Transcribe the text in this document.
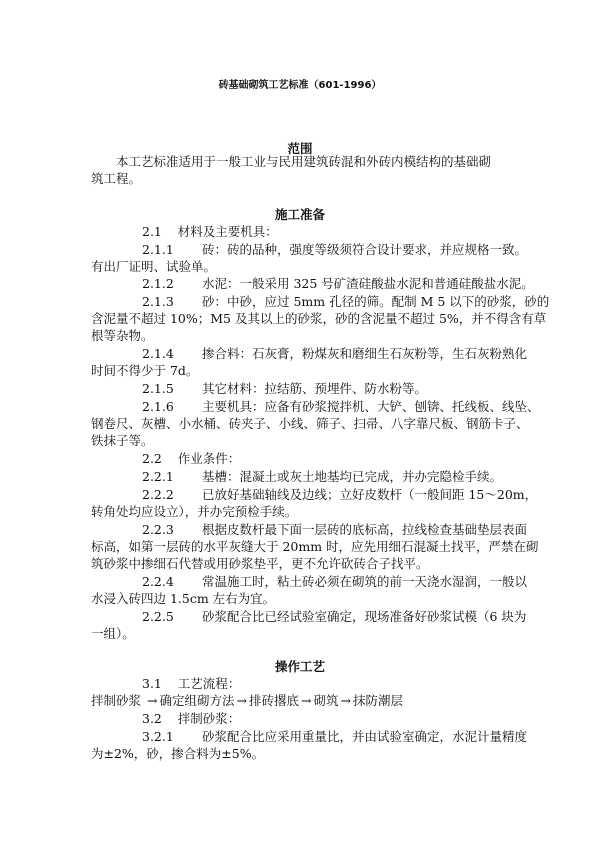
砖基础砌筑工艺标准（601-1996）
范围
本工艺标准适用于一般工业与民用建筑砖混和外砖内模结构的基础砌
筑工程。
施工准备
2.1 材料及主要机具：
2.1.1 砖：砖的品种，强度等级须符合设计要求，并应规格一致。
有出厂证明、试验单。
2.1.2 水泥：一般采用 325 号矿渣硅酸盐水泥和普通硅酸盐水泥。
2.1.3 砂：中砂，应过 5mm 孔径的筛。配制 M 5 以下的砂浆，砂的
含泥量不超过 10%；M5 及其以上的砂浆，砂的含泥量不超过 5%，并不得含有草
根等杂物。
2.1.4 掺合料：石灰膏，粉煤灰和磨细生石灰粉等，生石灰粉熟化
时间不得少于 7d。
2.1.5 其它材料：拉结筋、预埋件、防水粉等。
2.1.6 主要机具：应备有砂浆搅拌机、大铲、刨锛、托线板、线坠、
钢卷尺、灰槽、小水桶、砖夹子、小线、筛子、扫帚、八字靠尺板、钢筋卡子、
铁抹子等。
2.2 作业条件：
2.2.1 基槽：混凝土或灰土地基均已完成，并办完隐检手续。
2.2.2 已放好基础轴线及边线；立好皮数杆（一般间距 15～20m，
转角处均应设立），并办完预检手续。
2.2.3 根据皮数杆最下面一层砖的底标高，拉线检查基础垫层表面
标高，如第一层砖的水平灰缝大于 20mm 时，应先用细石混凝土找平，严禁在砌
筑砂浆中掺细石代替或用砂浆垫平，更不允许砍砖合子找平。
2.2.4 常温施工时，粘土砖必须在砌筑的前一天浇水湿润，一般以
水浸入砖四边 1.5cm 左右为宜。
2.2.5 砂浆配合比已经试验室确定，现场准备好砂浆试模（6 块为
一组）。
操作工艺
3.1 工艺流程：
拌制砂浆 → 确定组砌方法 → 排砖撂底 → 砌筑 → 抹防潮层
3.2 拌制砂浆：
3.2.1 砂浆配合比应采用重量比，并由试验室确定，水泥计量精度
为±2%，砂，掺合料为±5%。
